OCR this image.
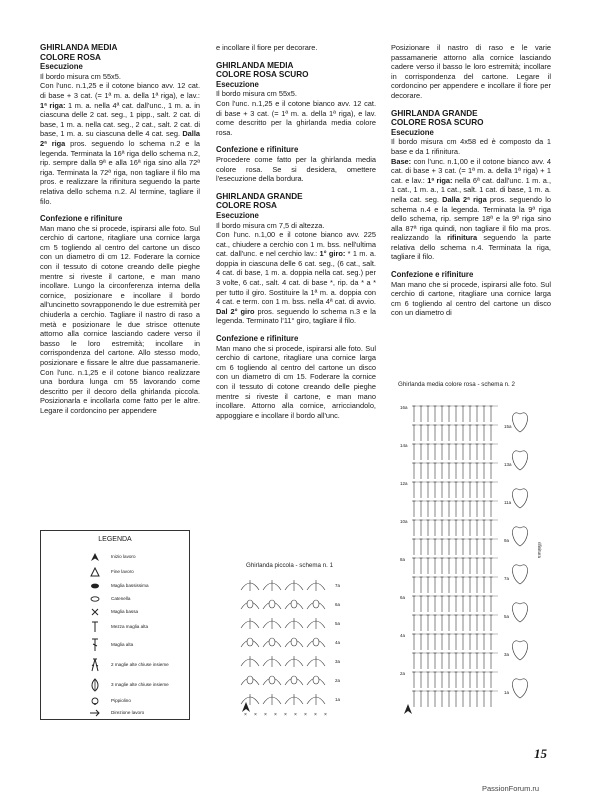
GHIRLANDA MEDIA
COLORE ROSA

Esecuzione

Il bordo misura cm 55x5.

Con l'unc. n.1,25 e il cotone bianco avv. 12 cat. di base + 3 cat. (= 1ª m. a. della 1ª riga), e lav.: 1ª riga: 1 m. a. nella 4ª cat. dall'unc., 1 m. a. in ciascuna delle 2 cat. seg., 1 pipp., salt. 2 cat. di base, 1 m. a. nella cat. seg., 2 cat., salt. 2 cat. di base, 1 m. a. su ciascuna delle 4 cat. seg. Dalla 2ª riga pros. seguendo lo schema n.2 e la legenda. Terminata la 16ª riga dello schema n.2, rip. sempre dalla 9ª e alla 16ª riga sino alla 72ª riga. Terminata la 72ª riga, non tagliare il filo ma pros. e realizzare la rifinitura seguendo la parte relativa dello schema n.2. Al termine, tagliare il filo.

Confezione e rifiniture

Man mano che si procede, ispirarsi alle foto. Sul cerchio di cartone, ritagliare una cornice larga cm 5 togliendo al centro del cartone un disco con un diametro di cm 12. Foderare la cornice con il tessuto di cotone creando delle pieghe mentre si riveste il cartone, e man mano incollare. Lungo la circonferenza interna della cornice, posizionare e incollare il bordo all'uncinetto sovrapponendo le due estremità per chiuderla a cerchio. Tagliare il nastro di raso a metà e posizionare le due strisce ottenute attorno alla cornice lasciando cadere verso il basso le loro estremità; incollare in corrispondenza del cartone. Allo stesso modo, posizionare e fissare le altre due passamanerie. Con l'unc. n.1,25 e il cotone bianco realizzare una bordura lunga cm 55 lavorando come descritto per il decoro della ghirlanda piccola. Posizionarla e incollarla come fatto per le altre. Legare il cordoncino per appendere

e incollare il fiore per decorare.

GHIRLANDA MEDIA
COLORE ROSA SCURO

Esecuzione

Il bordo misura cm 55x5.

Con l'unc. n.1,25 e il cotone bianco avv. 12 cat. di base + 3 cat. (= 1ª m. a. della 1ª riga), e lav. come descritto per la ghirlanda media colore rosa.

Confezione e rifiniture

Procedere come fatto per la ghirlanda media colore rosa. Se si desidera, omettere l'esecuzione della bordura.

GHIRLANDA GRANDE
COLORE ROSA

Esecuzione

Il bordo misura cm 7,5 di altezza.

Con l'unc. n.1,00 e il cotone bianco avv. 225 cat., chiudere a cerchio con 1 m. bss. nell'ultima cat. dall'unc. e nel cerchio lav.: 1° giro: * 1 m. a. doppia in ciascuna delle 6 cat. seg., (6 cat., salt. 4 cat. di base, 1 m. a. doppia nella cat. seg.) per 3 volte, 6 cat., salt. 4 cat. di base *, rip. da * a * per tutto il giro. Sostituire la 1ª m. a. doppia con 4 cat. e term. con 1 m. bss. nella 4ª cat. di avvio. Dal 2° giro pros. seguendo lo schema n.3 e la legenda. Terminato l'11° giro, tagliare il filo.

Confezione e rifiniture

Man mano che si procede, ispirarsi alle foto. Sul cerchio di cartone, ritagliare una cornice larga cm 6 togliendo al centro del cartone un disco con un diametro di cm 15. Foderare la cornice con il tessuto di cotone creando delle pieghe mentre si riveste il cartone, e man mano incollare. Attorno alla cornice, arricciandolo, appoggiare e incollare il bordo all'unc.

Posizionare il nastro di raso e le varie passamanerie attorno alla cornice lasciando cadere verso il basso le loro estremità; incollare in corrispondenza del cartone. Legare il cordoncino per appendere e incollare il fiore per decorare.

GHIRLANDA GRANDE
COLORE ROSA SCURO

Esecuzione

Il bordo misura cm 4x58 ed è composto da 1 base e da 1 rifinitura.

Base: con l'unc. n.1,00 e il cotone bianco avv. 4 cat. di base + 3 cat. (= 1ª m. a. della 1ª riga) + 1 cat. e lav.: 1ª riga: nella 6ª cat. dall'unc. 1 m. a., 1 cat., 1 m. a., 1 cat., salt. 1 cat. di base, 1 m. a. nella cat. seg. Dalla 2ª riga pros. seguendo lo schema n.4 e la legenda. Terminata la 9ª riga dello schema, rip. sempre 18ª e la 9ª riga sino alla 87ª riga quindi, non tagliare il filo ma pros. realizzando la rifinitura seguendo la parte relativa dello schema n.4. Terminata la riga, tagliare il filo.

Confezione e rifiniture

Man mano che si procede, ispirarsi alle foto. Sul cerchio di cartone, ritagliare una cornice larga cm 6 togliendo al centro del cartone un disco con un diametro di

LEGENDA
Inizio lavoro
Fine lavoro
Maglia bassissima
Catenella
Maglia bassa
Mezza maglia alta
Maglia alta
2 maglie alte chiuse insieme
3 maglie alte chiuse insieme
Pippiolino
Direzione lavoro
Ghirlanda piccola - schema n. 1
7a
6a
5a
4a
3a
2a
1a
× × × × × × × × ×
Ghirlanda media colore rosa - schema n. 2
16a
15a
14a
13a
12a
11a
10a
9a
8a
7a
6a
5a
4a
3a
2a
1a
rifinitura
15
PassionForum.ru
